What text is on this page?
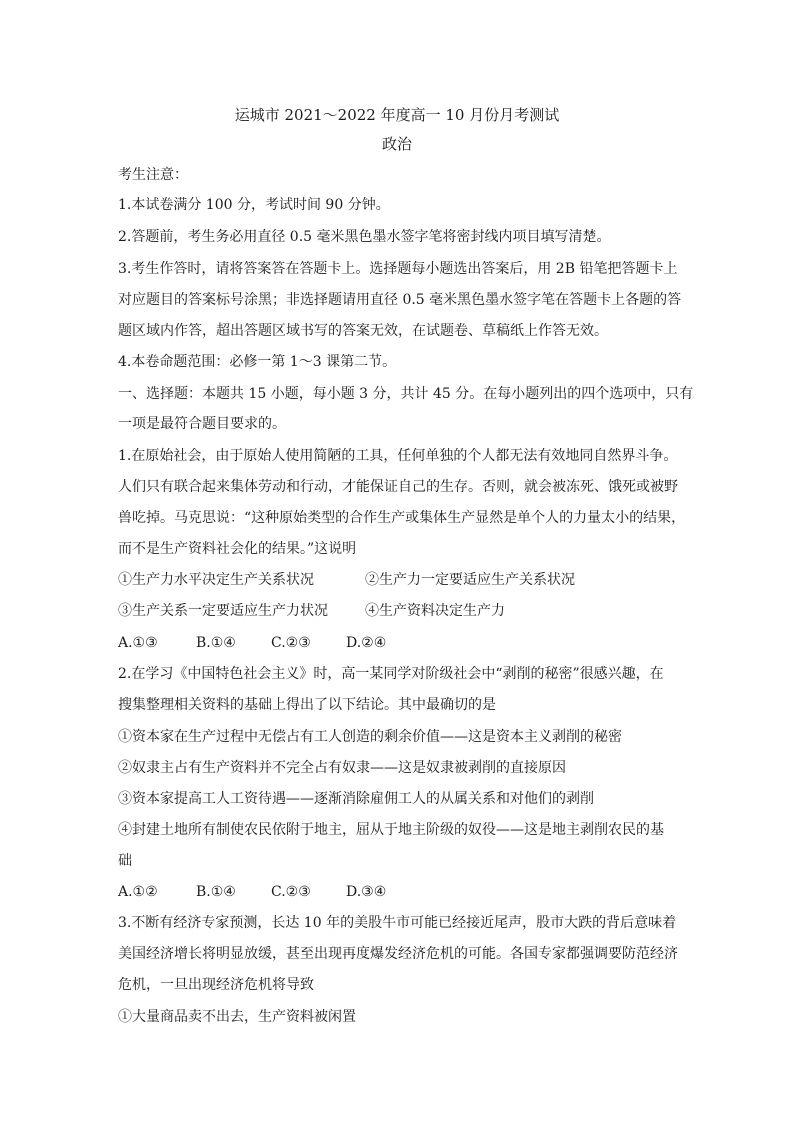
运城市 2021～2022 年度高一 10 月份月考测试
政治
考生注意：
1.本试卷满分 100 分，考试时间 90 分钟。
2.答题前，考生务必用直径 0.5 毫米黑色墨水签字笔将密封线内项目填写清楚。
3.考生作答时，请将答案答在答题卡上。选择题每小题选出答案后，用 2B 铅笔把答题卡上
对应题目的答案标号涂黑；非选择题请用直径 0.5 毫米黑色墨水签字笔在答题卡上各题的答
题区域内作答，超出答题区域书写的答案无效，在试题卷、草稿纸上作答无效。
4.本卷命题范围：必修一第 1～3 课第二节。
一、选择题：本题共 15 小题，每小题 3 分，共计 45 分。在每小题列出的四个选项中，只有
一项是最符合题目要求的。
1.在原始社会，由于原始人使用简陋的工具，任何单独的个人都无法有效地同自然界斗争。
人们只有联合起来集体劳动和行动，才能保证自己的生存。否则，就会被冻死、饿死或被野
兽吃掉。马克思说：“这种原始类型的合作生产或集体生产显然是单个人的力量太小的结果，
而不是生产资料社会化的结果。”这说明
①生产力水平决定生产关系状况	②生产力一定要适应生产关系状况
③生产关系一定要适应生产力状况	④生产资料决定生产力
A.①③	B.①④	C.②③	D.②④
2.在学习《中国特色社会主义》时，高一某同学对阶级社会中“剥削的秘密”很感兴趣，在
搜集整理相关资料的基础上得出了以下结论。其中最确切的是
①资本家在生产过程中无偿占有工人创造的剩余价值——这是资本主义剥削的秘密
②奴隶主占有生产资料并不完全占有奴隶——这是奴隶被剥削的直接原因
③资本家提高工人工资待遇——逐渐消除雇佣工人的从属关系和对他们的剥削
④封建土地所有制使农民依附于地主，屈从于地主阶级的奴役——这是地主剥削农民的基
础
A.①②	B.①④	C.②③	D.③④
3.不断有经济专家预测，长达 10 年的美股牛市可能已经接近尾声，股市大跌的背后意味着
美国经济增长将明显放缓，甚至出现再度爆发经济危机的可能。各国专家都强调要防范经济
危机，一旦出现经济危机将导致
①大量商品卖不出去，生产资料被闲置
